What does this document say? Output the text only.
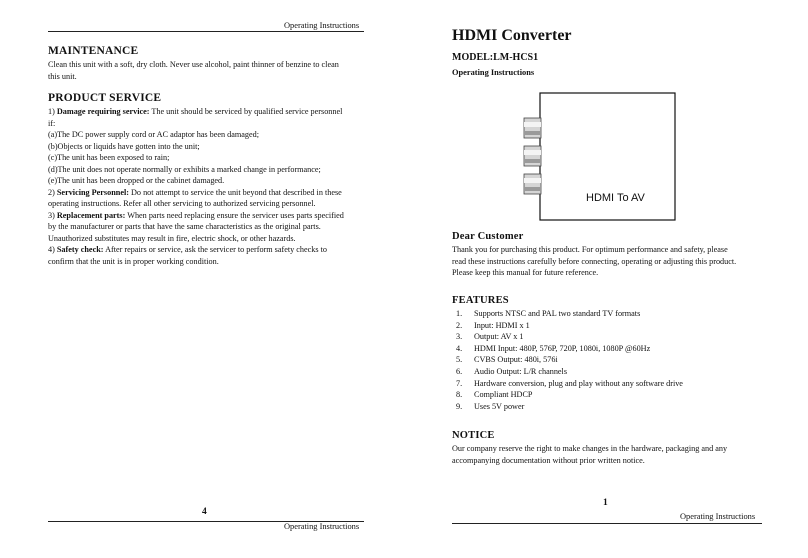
Operating Instructions
MAINTENANCE

Clean this unit with a soft, dry cloth. Never use alcohol, paint thinner of benzine to clean

this unit.

PRODUCT SERVICE

1) Damage requiring service: The unit should be serviced by qualified service personnel

if:

(a)The DC power supply cord or AC adaptor has been damaged;

(b)Objects or liquids have gotten into the unit;

(c)The unit has been exposed to rain;

(d)The unit does not operate normally or exhibits a marked change in performance;

(e)The unit has been dropped or the cabinet damaged.

2) Servicing Personnel: Do not attempt to service the unit beyond that described in these

operating instructions. Refer all other servicing to authorized servicing personnel.

3) Replacement parts: When parts need replacing ensure the servicer uses parts specified

by the manufacturer or parts that have the same characteristics as the original parts.

Unauthorized substitutes may result in fire, electric shock, or other hazards.

4) Safety check: After repairs or service, ask the servicer to perform safety checks to

confirm that the unit is in proper working condition.

4
Operating Instructions
HDMI Converter
MODEL:LM-HCS1
Operating Instructions
HDMI To AV
Dear Customer

Thank you for purchasing this product. For optimum performance and safety, please

read these instructions carefully before connecting, operating or adjusting this product.

Please keep this manual for future reference.

FEATURES
1.	Supports NTSC and PAL two standard TV formats
2.	Input: HDMI x 1
3.	Output: AV x 1
4.	HDMI Input: 480P, 576P, 720P, 1080i, 1080P @60Hz
5.	CVBS Output: 480i, 576i
6.	Audio Output: L/R channels
7.	Hardware conversion, plug and play without any software drive
8.	Compliant HDCP
9.	Uses 5V power
NOTICE

Our company reserve the right to make changes in the hardware, packaging and any

accompanying documentation without prior written notice.

1
Operating Instructions
